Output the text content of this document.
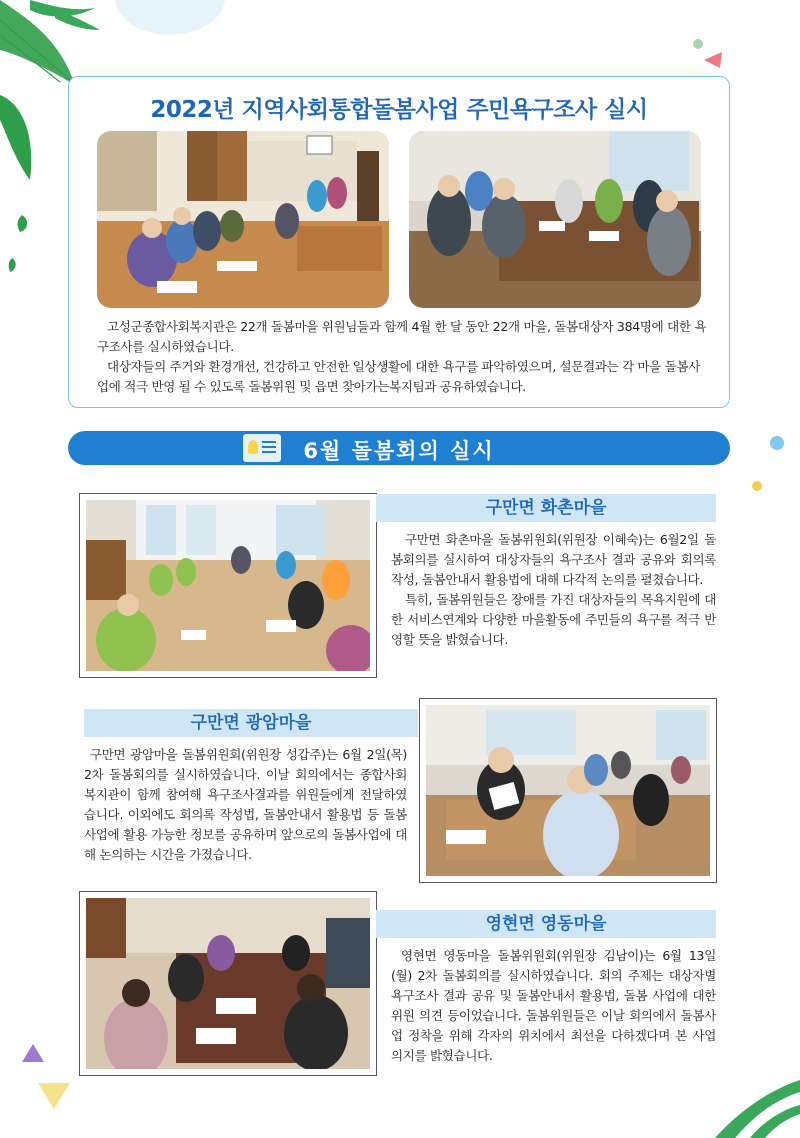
2022년 지역사회통합돌봄사업 주민욕구조사 실시
고성군종합사회복지관은 22개 돌봄마을 위원님들과 함께 4월 한 달 동안 22개 마을, 돌봄대상자 384명에 대한 욕구조사를 실시하였습니다.
대상자들의 주거와 환경개선, 건강하고 안전한 일상생활에 대한 욕구를 파악하였으며, 설문결과는 각 마을 돌봄사업에 적극 반영 될 수 있도록 돌봄위원 및 읍면 찾아가는복지팀과 공유하였습니다.
6월 돌봄회의 실시
구만면 화촌마을
구만면 화촌마을 돌봄위원회(위원장 이혜숙)는 6월2일 돌봄회의를 실시하여 대상자들의 욕구조사 결과 공유와 회의록 작성, 돌봄안내서 활용법에 대해 다각적 논의를 펼쳤습니다.
특히, 돌봄위원들은 장애를 가진 대상자들의 목욕지원에 대한 서비스연계와 다양한 마을활동에 주민들의 욕구를 적극 반영할 뜻을 밝혔습니다.
구만면 광암마을
구만면 광암마을 돌봄위원회(위원장 성갑주)는 6월 2일(목) 2차 돌봄회의를 실시하였습니다. 이날 회의에서는 종합사회복지관이 함께 참여해 욕구조사결과를 위원들에게 전달하였습니다. 이외에도 회의록 작성법, 돌봄안내서 활용법 등 돌봄사업에 활용 가능한 정보를 공유하며 앞으로의 돌봄사업에 대해 논의하는 시간을 가졌습니다.
영현면 영동마을
영현면 영동마을 돌봄위원회(위원장 김남이)는 6월 13일(월) 2차 돌봄회의를 실시하였습니다. 회의 주제는 대상자별 욕구조사 결과 공유 및 돌봄안내서 활용법, 돌봄 사업에 대한 위원 의견 등이었습니다. 돌봄위원들은 이날 회의에서 돌봄사업 정착을 위해 각자의 위치에서 최선을 다하겠다며 본 사업 의지를 밝혔습니다.
